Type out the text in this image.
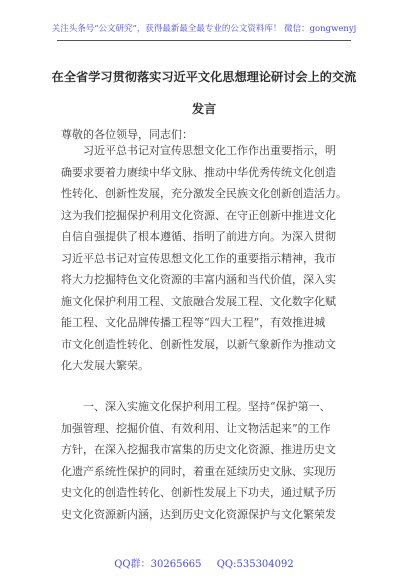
关注头条号“公文研究”，获得最新最全最专业的公文资料库！ 微信：gongwenyj
在全省学习贯彻落实习近平文化思想理论研讨会上的交流
发言
尊敬的各位领导，同志们：
　　习近平总书记对宣传思想文化工作作出重要指示，明
确要求要着力赓续中华文脉、推动中华优秀传统文化创造
性转化、创新性发展，充分激发全民族文化创新创造活力。
这为我们挖掘保护利用文化资源、在守正创新中推进文化
自信自强提供了根本遵循、指明了前进方向。为深入贯彻
习近平总书记对宣传思想文化工作的重要指示精神，我市
将大力挖掘特色文化资源的丰富内涵和当代价值，深入实
施文化保护利用工程、文旅融合发展工程、文化数字化赋
能工程、文化品牌传播工程等“四大工程”，有效推进城
市文化创造性转化、创新性发展，以新气象新作为推动文
化大发展大繁荣。
　　一、深入实施文化保护利用工程。坚持“保护第一、
加强管理、挖掘价值、有效利用、让文物活起来”的工作
方针，在深入挖掘我市富集的历史文化资源、推进历史文
化遗产系统性保护的同时，着重在延续历史文脉、实现历
史文化的创造性转化、创新性发展上下功夫，通过赋予历
史文化资源新内涵，达到历史文化资源保护与文化繁荣发
QQ群：30265665 QQ:535304092
